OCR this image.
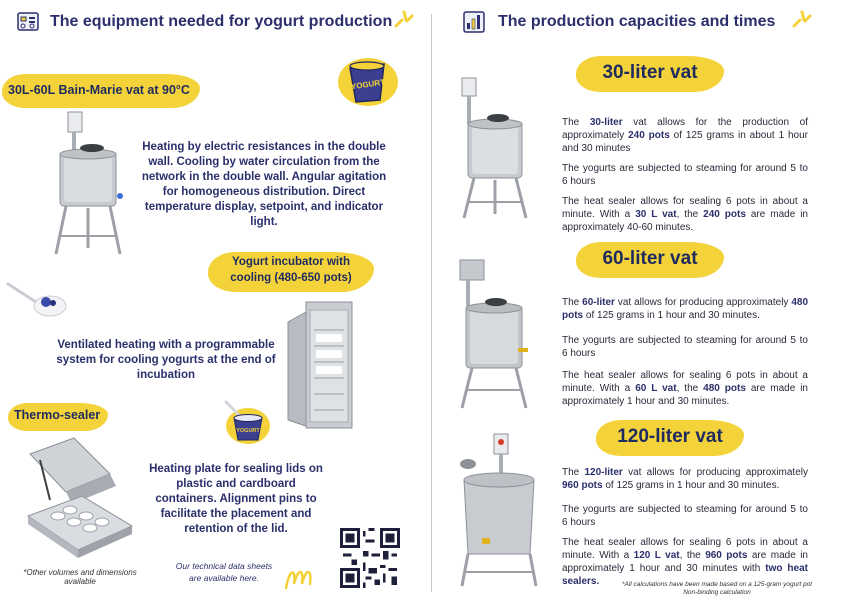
The equipment needed for yogurt production
30L-60L Bain-Marie vat at 90°C	YOGURT
Heating by electric resistances in the double wall. Cooling by water circulation from the network in the double wall. Angular agitation for homogeneous distribution. Direct temperature display, setpoint, and indicator light.
Yogurt incubator with
cooling (480-650 pots)
Ventilated heating with a programmable system for cooling yogurts at the end of incubation
Thermo-sealer
YOGURT
Heating plate for sealing lids on plastic and cardboard containers. Alignment pins to facilitate the placement and retention of the lid.
*Other volumes and dimensions
available
Our technical data sheets
are available here.
The production capacities and times
30-liter vat
The 30-liter vat allows for the production of approximately 240 pots of 125 grams in about 1 hour and 30 minutes
The yogurts are subjected to steaming for around 5 to 6 hours
The heat sealer allows for sealing 6 pots in about a minute. With a 30 L vat, the 240 pots are made in approximately 40-60 minutes.
60-liter vat
The 60-liter vat allows for producing approximately 480 pots of 125 grams in 1 hour and 30 minutes.
The yogurts are subjected to steaming for around 5 to 6 hours
The heat sealer allows for sealing 6 pots in about a minute. With a 60 L vat, the 480 pots are made in approximately 1 hour and 30 minutes.
120-liter vat
The 120-liter vat allows for producing approximately 960 pots of 125 grams in 1 hour and 30 minutes.
The yogurts are subjected to steaming for around 5 to 6 hours
The heat sealer allows for sealing 6 pots in about a minute. With a 120 L vat, the 960 pots are made in approximately 1 hour and 30 minutes with two heat sealers.	*All calculations have been made based on a 125-gram yogurt pot
Non-binding calculation
